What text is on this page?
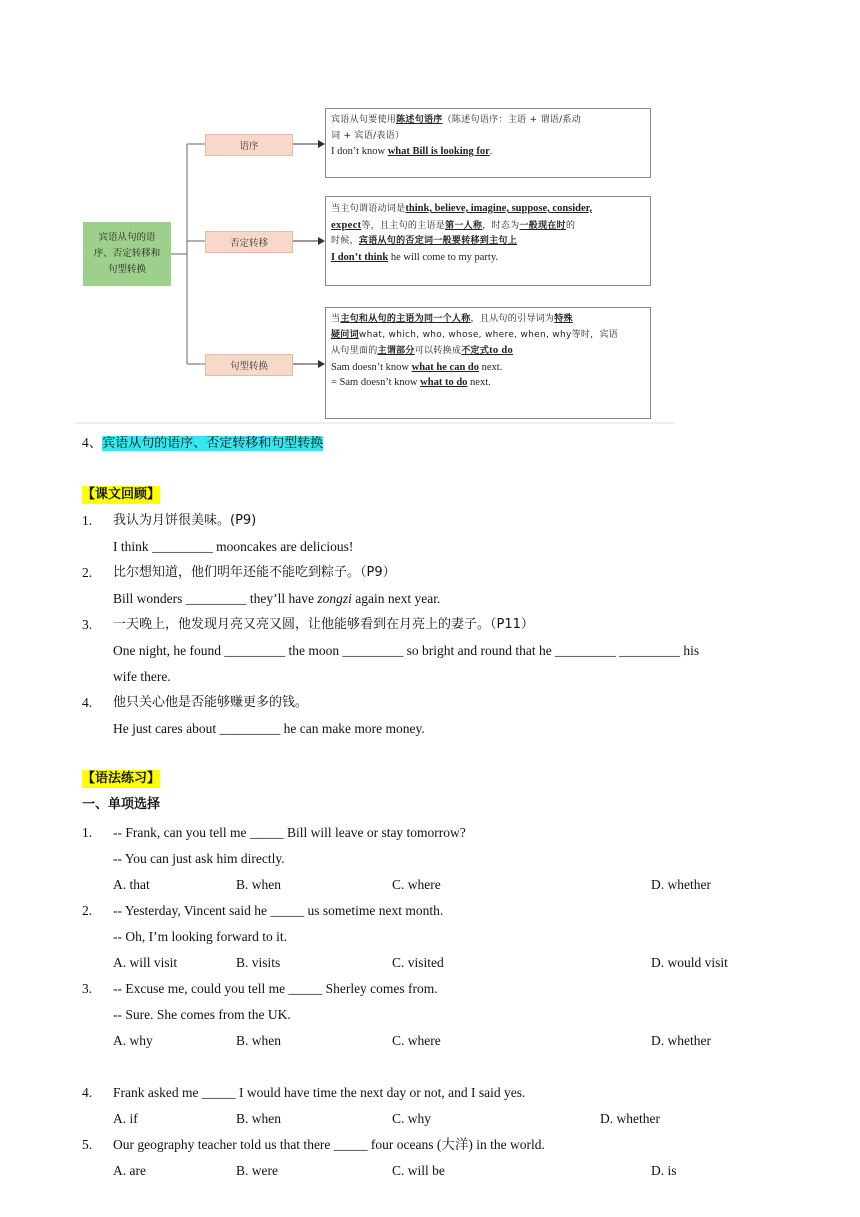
宾语从句的语序、否定转移和句型转换
语序
否定转移
句型转换
宾语从句要使用陈述句语序（陈述句语序：主语 + 谓语/系动
词 + 宾语/表语）
I don’t know what Bill is looking for.
当主句谓语动词是think, believe, imagine, suppose, consider,
expect等，且主句的主语是第一人称，时态为一般现在时的
时候，宾语从句的否定词一般要转移到主句上
I don’t think he will come to my party.
当主句和从句的主语为同一个人称，且从句的引导词为特殊
疑问词what, which, who, whose, where, when, why等时，宾语
从句里面的主谓部分可以转换成不定式to do
Sam doesn’t know what he can do next.
= Sam doesn’t know what to do next.
4、宾语从句的语序、否定转移和句型转换
【课文回顾】
1. 我认为月饼很美味。(P9)
I think _________ mooncakes are delicious!
2. 比尔想知道，他们明年还能不能吃到粽子。（P9）
Bill wonders _________ they’ll have zongzi again next year.
3. 一天晚上，他发现月亮又亮又圆，让他能够看到在月亮上的妻子。（P11）
One night, he found _________ the moon _________ so bright and round that he _________ _________ his
wife there.
4. 他只关心他是否能够赚更多的钱。
He just cares about _________ he can make more money.
【语法练习】
一、单项选择
1. -- Frank, can you tell me _____ Bill will leave or stay tomorrow?
-- You can just ask him directly.
A. that	B. when	C. where	D. whether
2. -- Yesterday, Vincent said he _____ us sometime next month.
-- Oh, I’m looking forward to it.
A. will visit	B. visits	C. visited	D. would visit
3. -- Excuse me, could you tell me _____ Sherley comes from.
-- Sure. She comes from the UK.
A. why	B. when	C. where	D. whether
4. Frank asked me _____ I would have time the next day or not, and I said yes.
A. if	B. when	C. why	D. whether
5. Our geography teacher told us that there _____ four oceans (大洋) in the world.
A. are	B. were	C. will be	D. is
